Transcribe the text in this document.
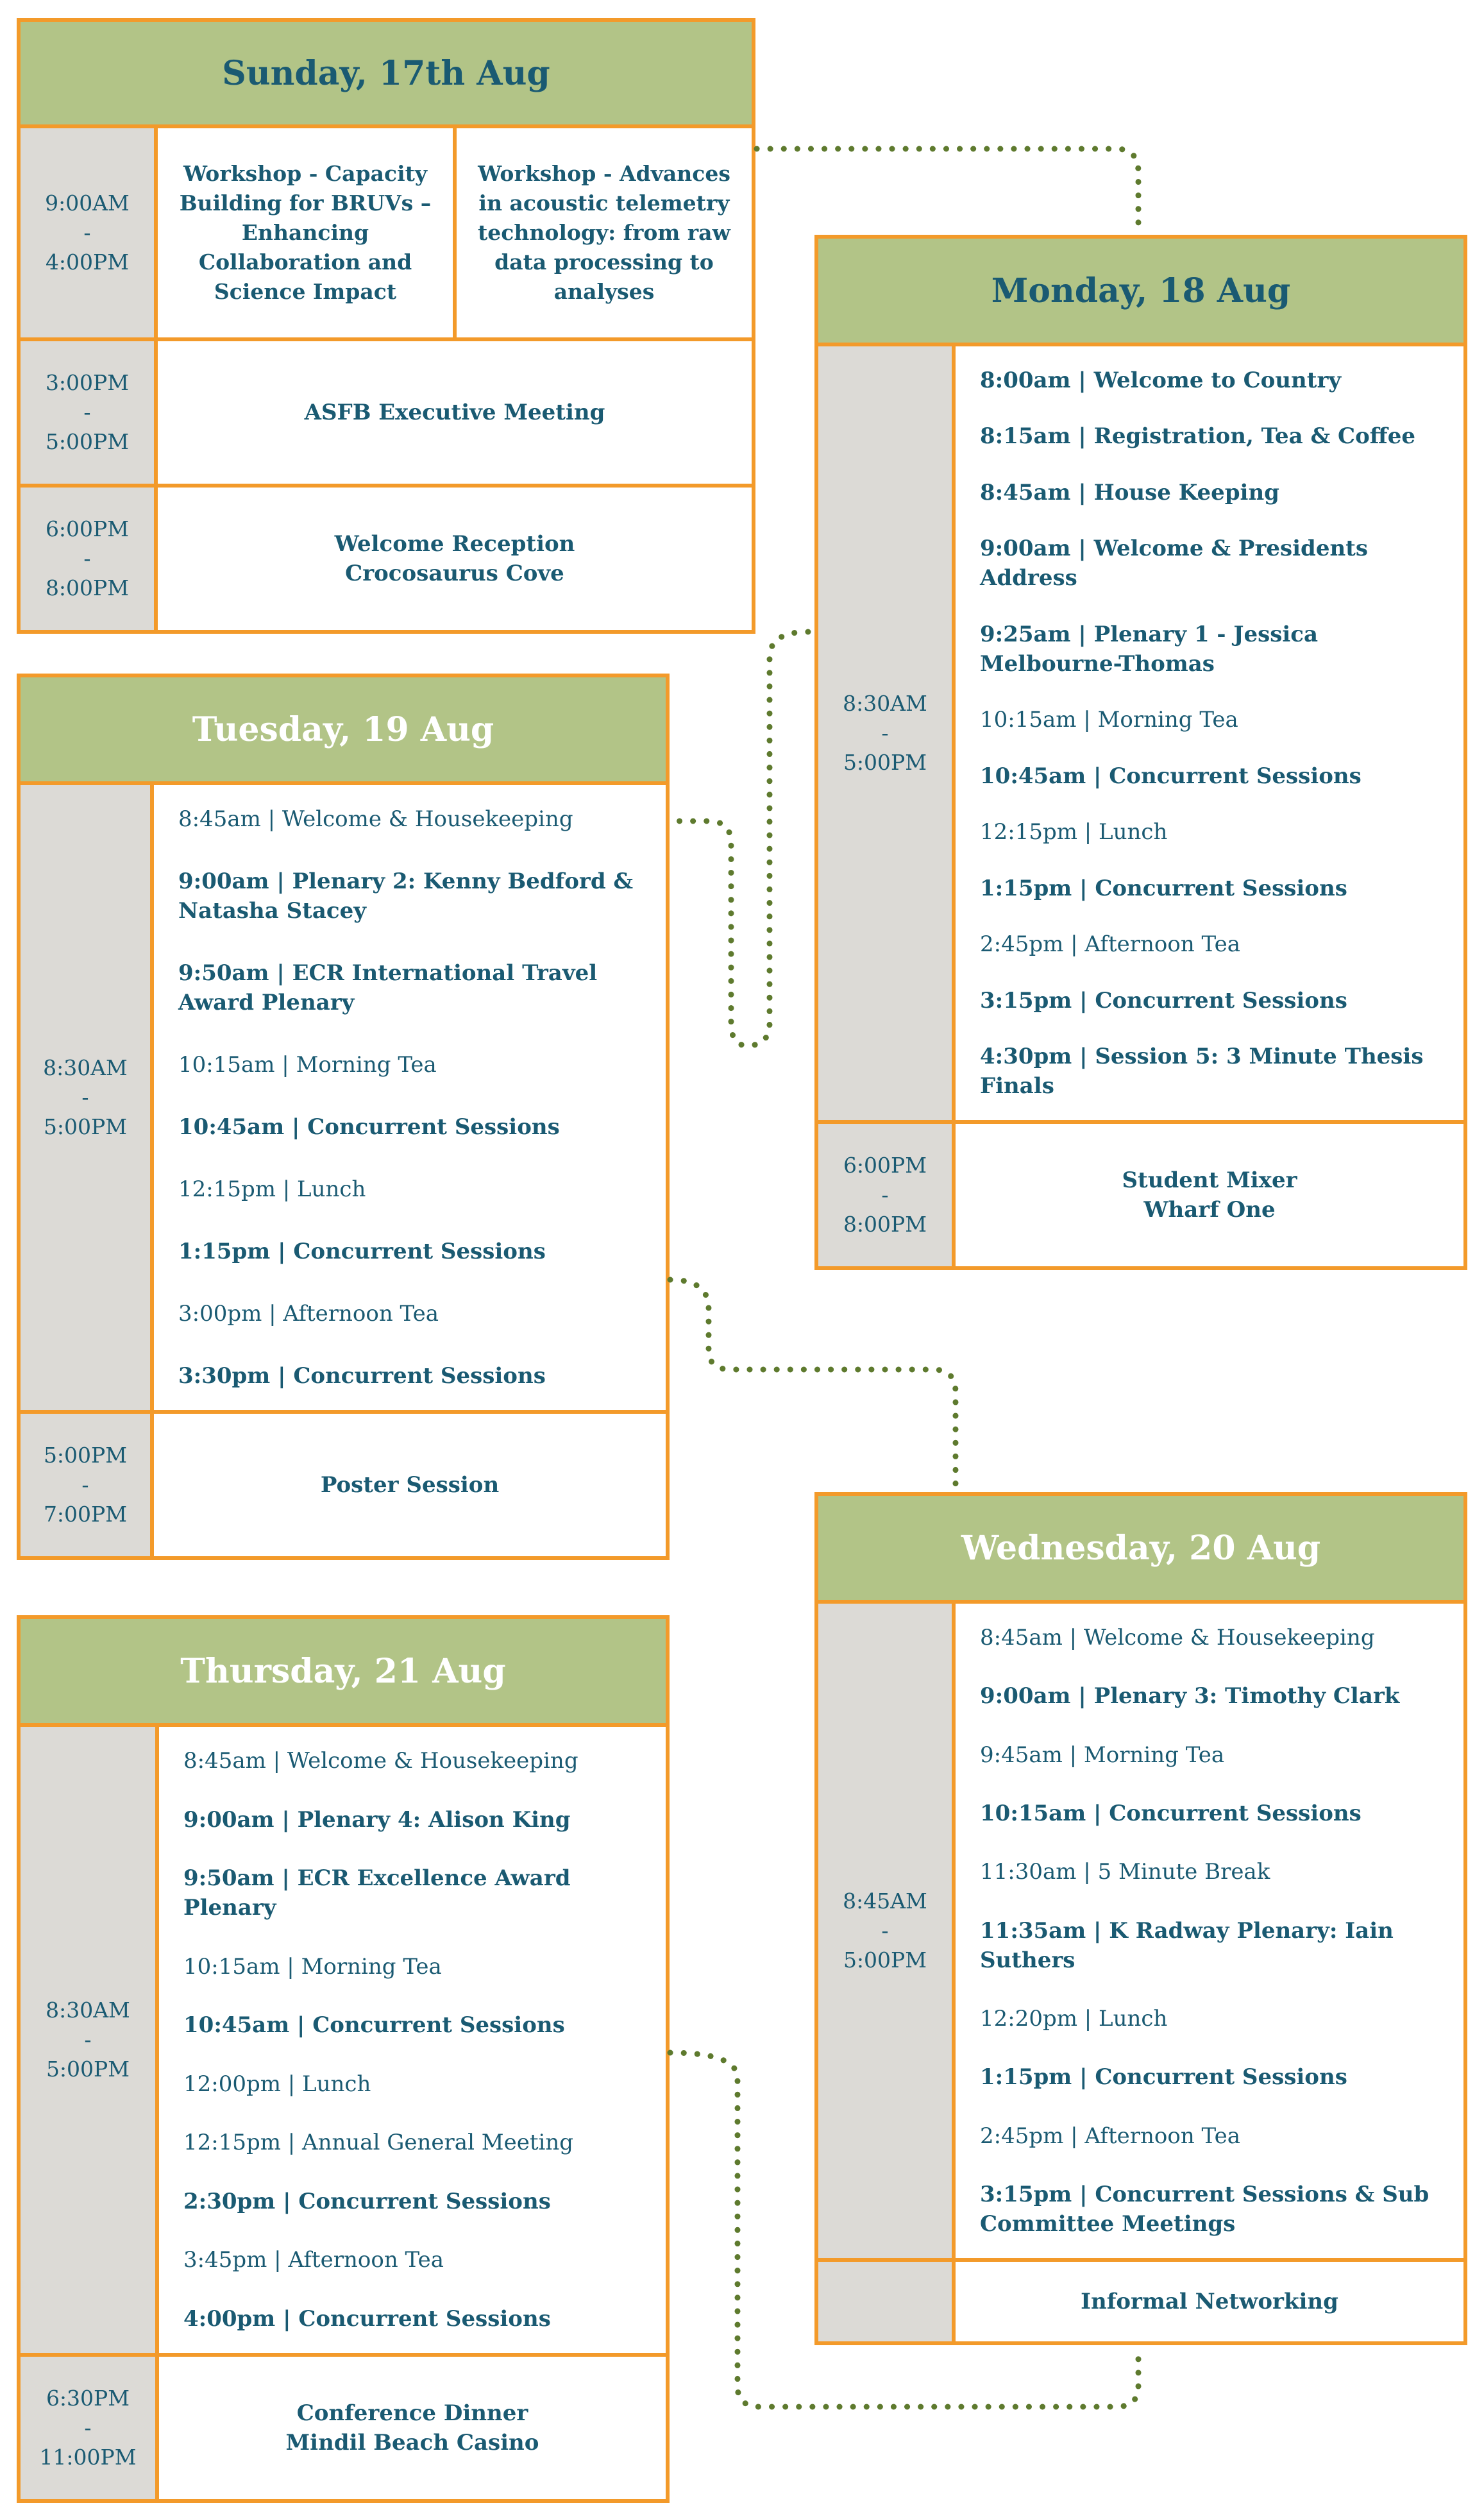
Sunday, 17th Aug
9:00AM
-
4:00PM
Workshop - Capacity Building for BRUVs – Enhancing Collaboration and Science Impact
Workshop - Advances in acoustic telemetry technology: from raw data processing to analyses
3:00PM
-
5:00PM
ASFB Executive Meeting
6:00PM
-
8:00PM
Welcome Reception
Crocosaurus Cove
Monday, 18 Aug
8:30AM
-
5:00PM
8:00am | Welcome to Country
8:15am | Registration, Tea & Coffee
8:45am | House Keeping
9:00am | Welcome & Presidents Address
9:25am | Plenary 1 - Jessica Melbourne-Thomas
10:15am | Morning Tea
10:45am | Concurrent Sessions
12:15pm | Lunch
1:15pm | Concurrent Sessions
2:45pm | Afternoon Tea
3:15pm | Concurrent Sessions
4:30pm | Session 5: 3 Minute Thesis Finals
6:00PM
-
8:00PM
Student Mixer
Wharf One
Tuesday, 19 Aug
8:30AM
-
5:00PM
8:45am | Welcome & Housekeeping
9:00am | Plenary 2: Kenny Bedford & Natasha Stacey
9:50am | ECR International Travel Award Plenary
10:15am | Morning Tea
10:45am | Concurrent Sessions
12:15pm | Lunch
1:15pm | Concurrent Sessions
3:00pm | Afternoon Tea
3:30pm | Concurrent Sessions
5:00PM
-
7:00PM
Poster Session
Wednesday, 20 Aug
8:45AM
-
5:00PM
8:45am | Welcome & Housekeeping
9:00am | Plenary 3: Timothy Clark
9:45am | Morning Tea
10:15am | Concurrent Sessions
11:30am | 5 Minute Break
11:35am | K Radway Plenary: Iain Suthers
12:20pm | Lunch
1:15pm | Concurrent Sessions
2:45pm | Afternoon Tea
3:15pm | Concurrent Sessions & Sub Committee Meetings
Informal Networking
Thursday, 21 Aug
8:30AM
-
5:00PM
8:45am | Welcome & Housekeeping
9:00am | Plenary 4: Alison King
9:50am | ECR Excellence Award Plenary
10:15am | Morning Tea
10:45am | Concurrent Sessions
12:00pm | Lunch
12:15pm | Annual General Meeting
2:30pm | Concurrent Sessions
3:45pm | Afternoon Tea
4:00pm | Concurrent Sessions
6:30PM
-
11:00PM
Conference Dinner
Mindil Beach Casino
